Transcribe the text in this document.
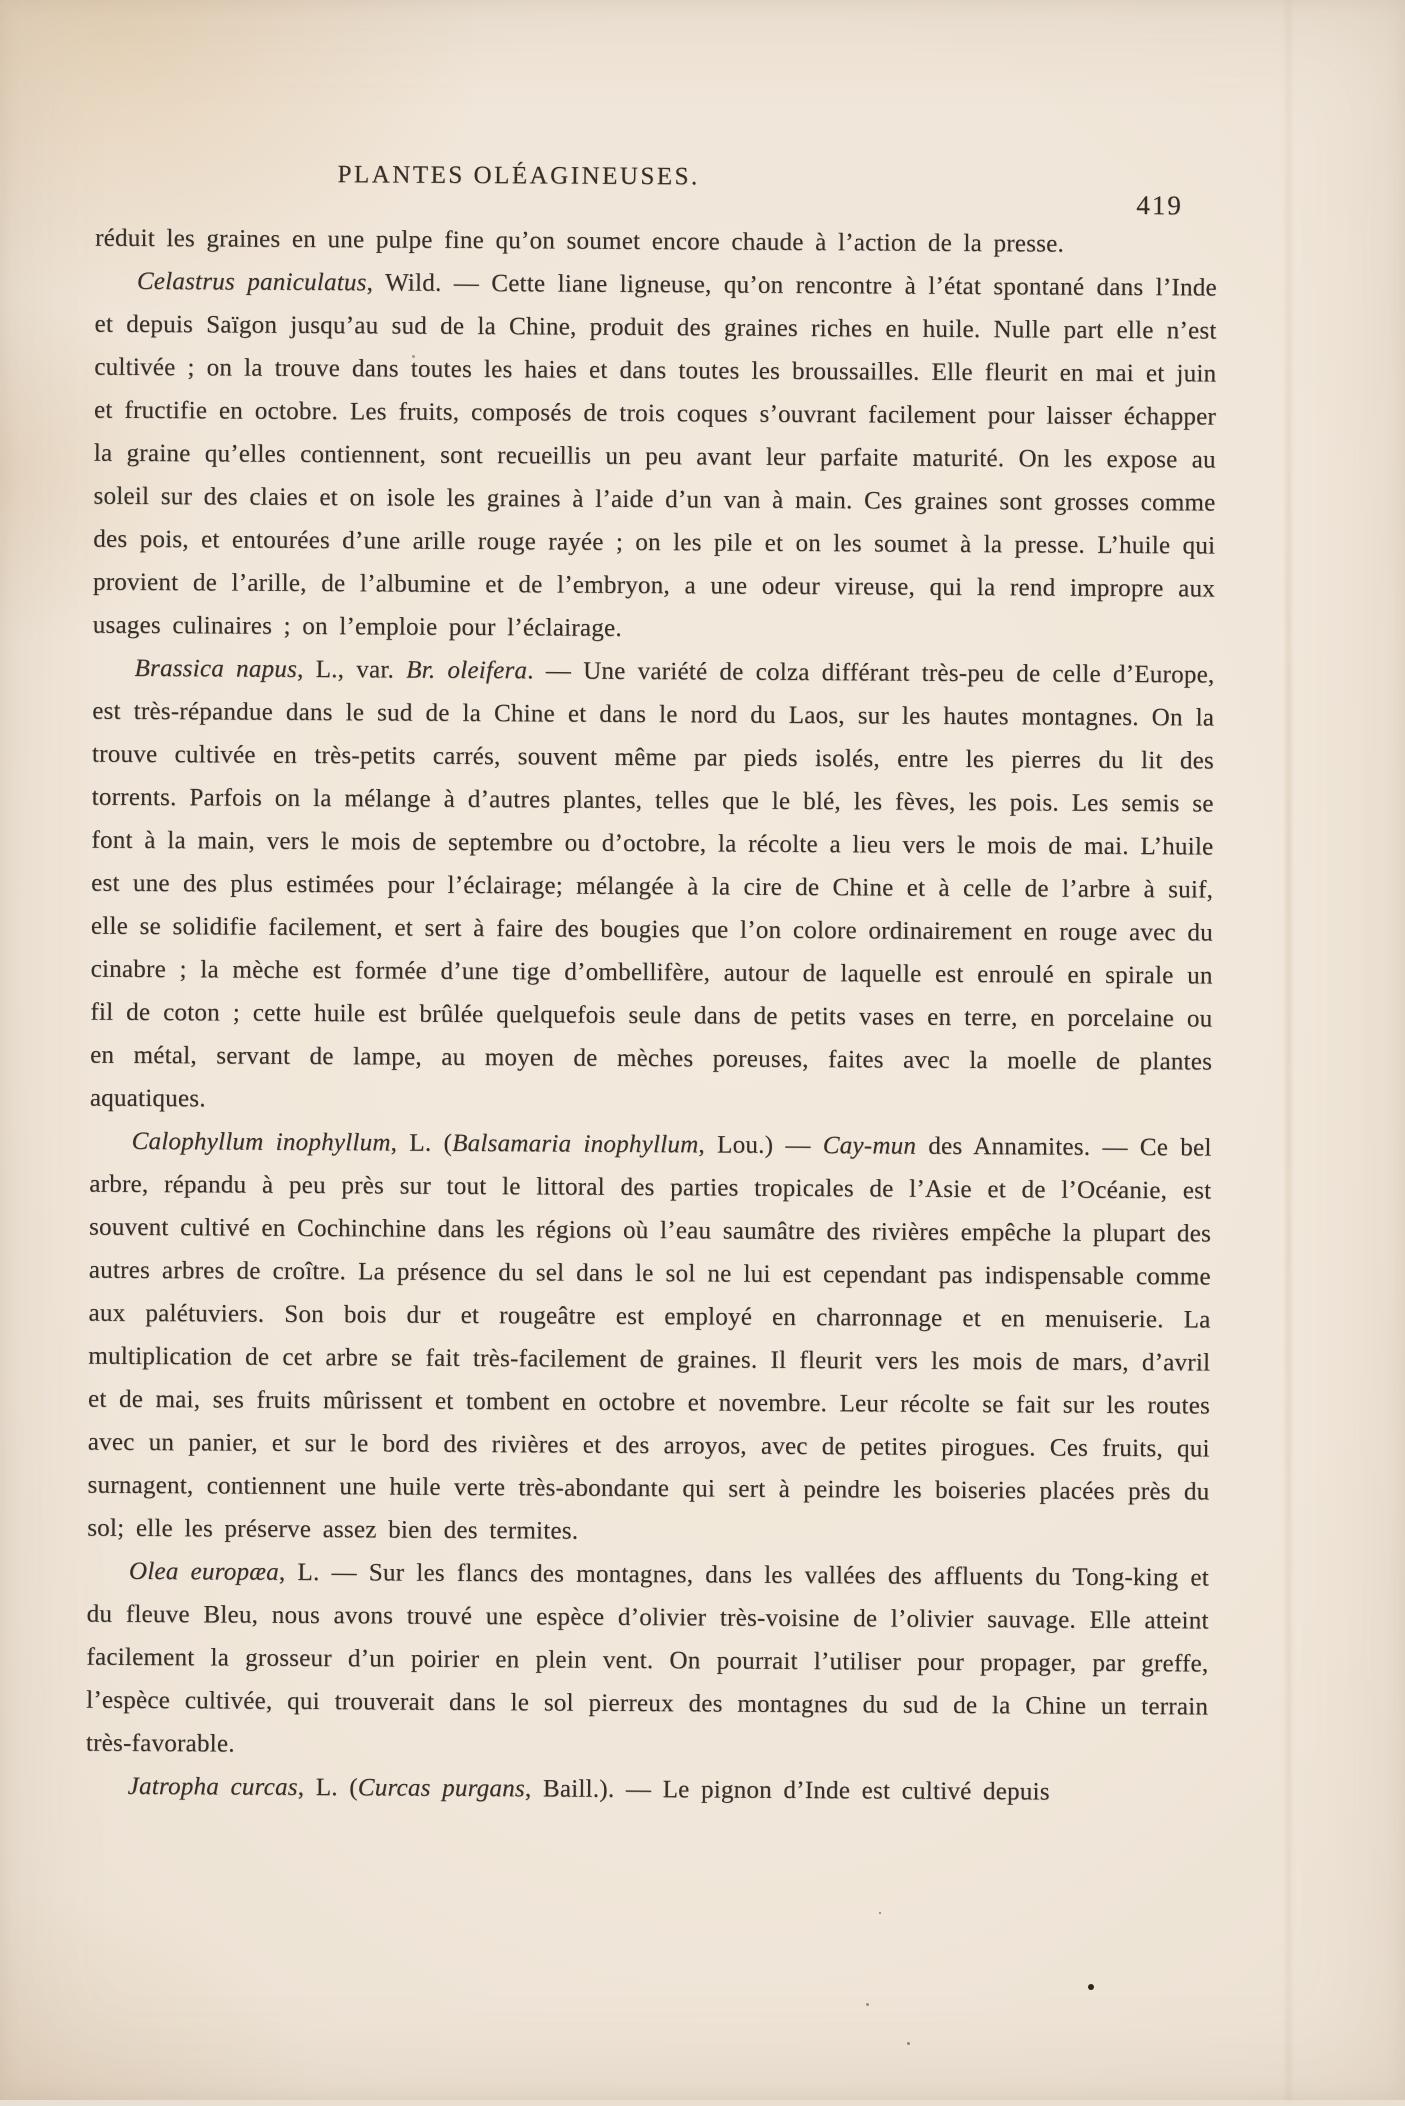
PLANTES OLÉAGINEUSES.
419

réduit les graines en une pulpe fine qu’on soumet encore chaude à l’action de la presse.

Celastrus paniculatus, Wild. — Cette liane ligneuse, qu’on rencontre à l’état spontané dans l’Inde et depuis Saïgon jusqu’au sud de la Chine, produit des graines riches en huile. Nulle part elle n’est cultivée ; on la trouve dans toutes les haies et dans toutes les broussailles. Elle fleurit en mai et juin et fructifie en octobre. Les fruits, composés de trois coques s’ouvrant facilement pour laisser échapper la graine qu’elles contiennent, sont recueillis un peu avant leur parfaite maturité. On les expose au soleil sur des claies et on isole les graines à l’aide d’un van à main. Ces graines sont grosses comme des pois, et entourées d’une arille rouge rayée ; on les pile et on les soumet à la presse. L’huile qui provient de l’arille, de l’albumine et de l’embryon, a une odeur vireuse, qui la rend impropre aux usages culinaires ; on l’emploie pour l’éclairage.

Brassica napus, L., var. Br. oleifera. — Une variété de colza différant très-peu de celle d’Europe, est très-répandue dans le sud de la Chine et dans le nord du Laos, sur les hautes montagnes. On la trouve cultivée en très-petits carrés, souvent même par pieds isolés, entre les pierres du lit des torrents. Parfois on la mélange à d’autres plantes, telles que le blé, les fèves, les pois. Les semis se font à la main, vers le mois de septembre ou d’octobre, la récolte a lieu vers le mois de mai. L’huile est une des plus estimées pour l’éclairage; mélangée à la cire de Chine et à celle de l’arbre à suif, elle se solidifie facilement, et sert à faire des bougies que l’on colore ordinairement en rouge avec du cinabre ; la mèche est formée d’une tige d’ombellifère, autour de laquelle est enroulé en spirale un fil de coton ; cette huile est brûlée quelquefois seule dans de petits vases en terre, en porcelaine ou en métal, servant de lampe, au moyen de mèches poreuses, faites avec la moelle de plantes aquatiques.

Calophyllum inophyllum, L. (Balsamaria inophyllum, Lou.) — Cay-mun des Annamites. — Ce bel arbre, répandu à peu près sur tout le littoral des parties tropicales de l’Asie et de l’Océanie, est souvent cultivé en Cochinchine dans les régions où l’eau saumâtre des rivières empêche la plupart des autres arbres de croître. La présence du sel dans le sol ne lui est cependant pas indispensable comme aux palétuviers. Son bois dur et rougeâtre est employé en charronnage et en menuiserie. La multiplication de cet arbre se fait très-facilement de graines. Il fleurit vers les mois de mars, d’avril et de mai, ses fruits mûrissent et tombent en octobre et novembre. Leur récolte se fait sur les routes avec un panier, et sur le bord des rivières et des arroyos, avec de petites pirogues. Ces fruits, qui surnagent, contiennent une huile verte très-abondante qui sert à peindre les boiseries placées près du sol; elle les préserve assez bien des termites.

Olea europæa, L. — Sur les flancs des montagnes, dans les vallées des affluents du Tong-king et du fleuve Bleu, nous avons trouvé une espèce d’olivier très-voisine de l’olivier sauvage. Elle atteint facilement la grosseur d’un poirier en plein vent. On pourrait l’utiliser pour propager, par greffe, l’espèce cultivée, qui trouverait dans le sol pierreux des montagnes du sud de la Chine un terrain très-favorable.

Jatropha curcas, L. (Curcas purgans, Baill.). — Le pignon d’Inde est cultivé depuis
